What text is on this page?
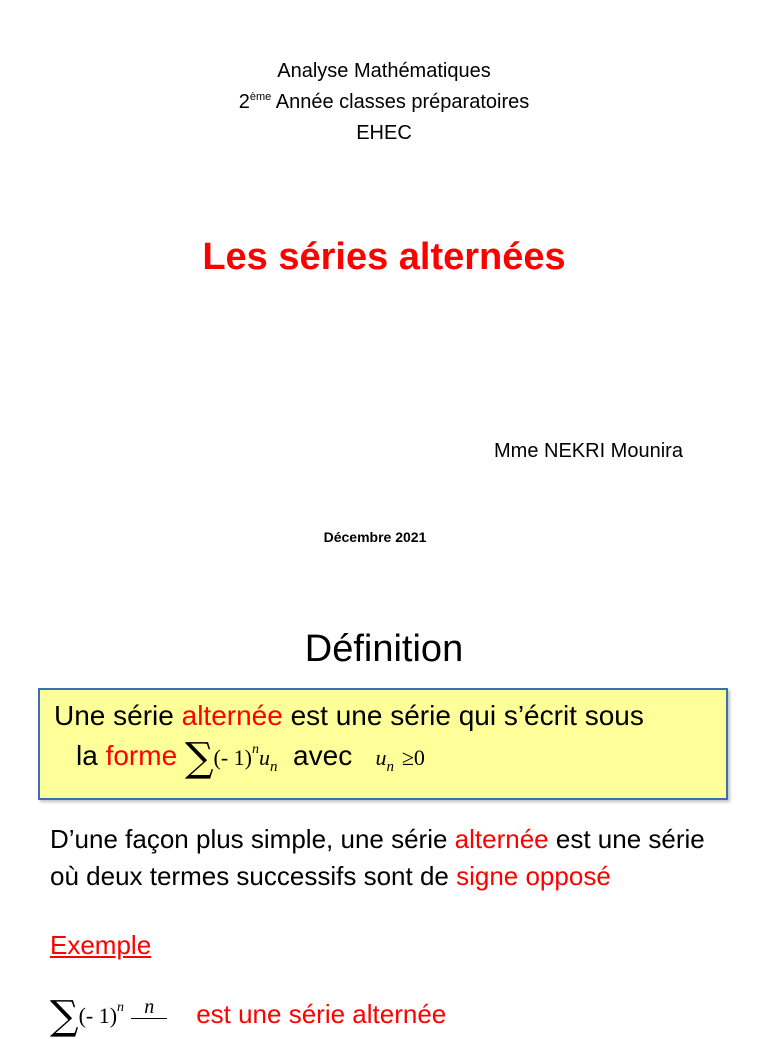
Analyse Mathématiques
2ème Année classes préparatoires
EHEC
Les séries alternées
Mme NEKRI Mounira
Décembre 2021
Définition
Une série alternée est une série qui s’écrit sous
la forme ∑(- $1)^nu_n$ avec $u_n \ge 0$
D’une façon plus simple, une série alternée est une série où deux termes successifs sont de signe opposé
Exemple
∑(- 1)$^n$ n est une série alternée
